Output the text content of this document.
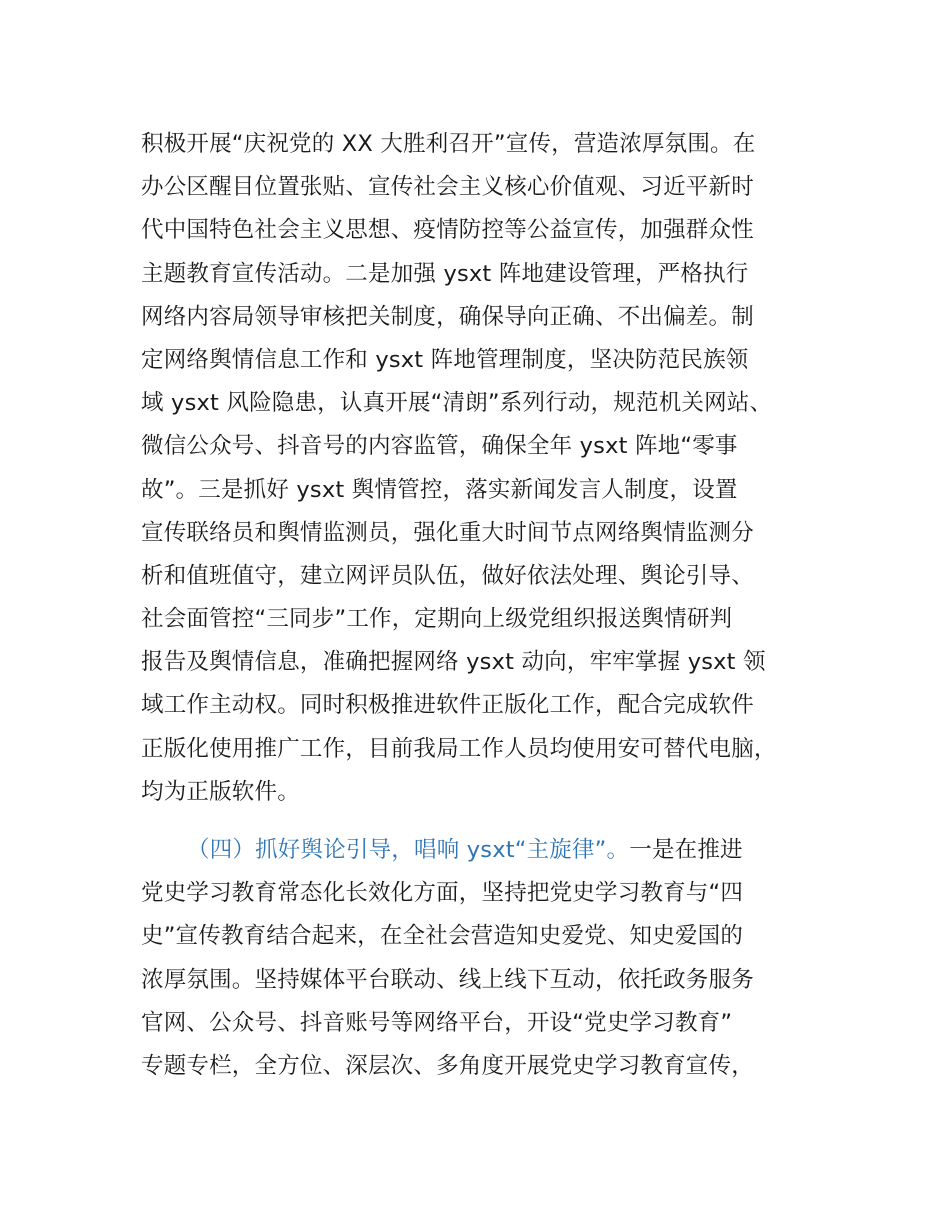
积极开展“庆祝党的 XX 大胜利召开”宣传，营造浓厚氛围。在
办公区醒目位置张贴、宣传社会主义核心价值观、习近平新时
代中国特色社会主义思想、疫情防控等公益宣传，加强群众性
主题教育宣传活动。二是加强 ysxt 阵地建设管理，严格执行
网络内容局领导审核把关制度，确保导向正确、不出偏差。制
定网络舆情信息工作和 ysxt 阵地管理制度，坚决防范民族领
域 ysxt 风险隐患，认真开展“清朗”系列行动，规范机关网站、
微信公众号、抖音号的内容监管，确保全年 ysxt 阵地“零事
故”。三是抓好 ysxt 舆情管控，落实新闻发言人制度，设置
宣传联络员和舆情监测员，强化重大时间节点网络舆情监测分
析和值班值守，建立网评员队伍，做好依法处理、舆论引导、
社会面管控“三同步”工作，定期向上级党组织报送舆情研判
报告及舆情信息，准确把握网络 ysxt 动向，牢牢掌握 ysxt 领
域工作主动权。同时积极推进软件正版化工作，配合完成软件
正版化使用推广工作，目前我局工作人员均使用安可替代电脑，
均为正版软件。
（四）抓好舆论引导，唱响 ysxt“主旋律”。一是在推进
党史学习教育常态化长效化方面，坚持把党史学习教育与“四
史”宣传教育结合起来，在全社会营造知史爱党、知史爱国的
浓厚氛围。坚持媒体平台联动、线上线下互动，依托政务服务
官网、公众号、抖音账号等网络平台，开设“党史学习教育”
专题专栏，全方位、深层次、多角度开展党史学习教育宣传，
